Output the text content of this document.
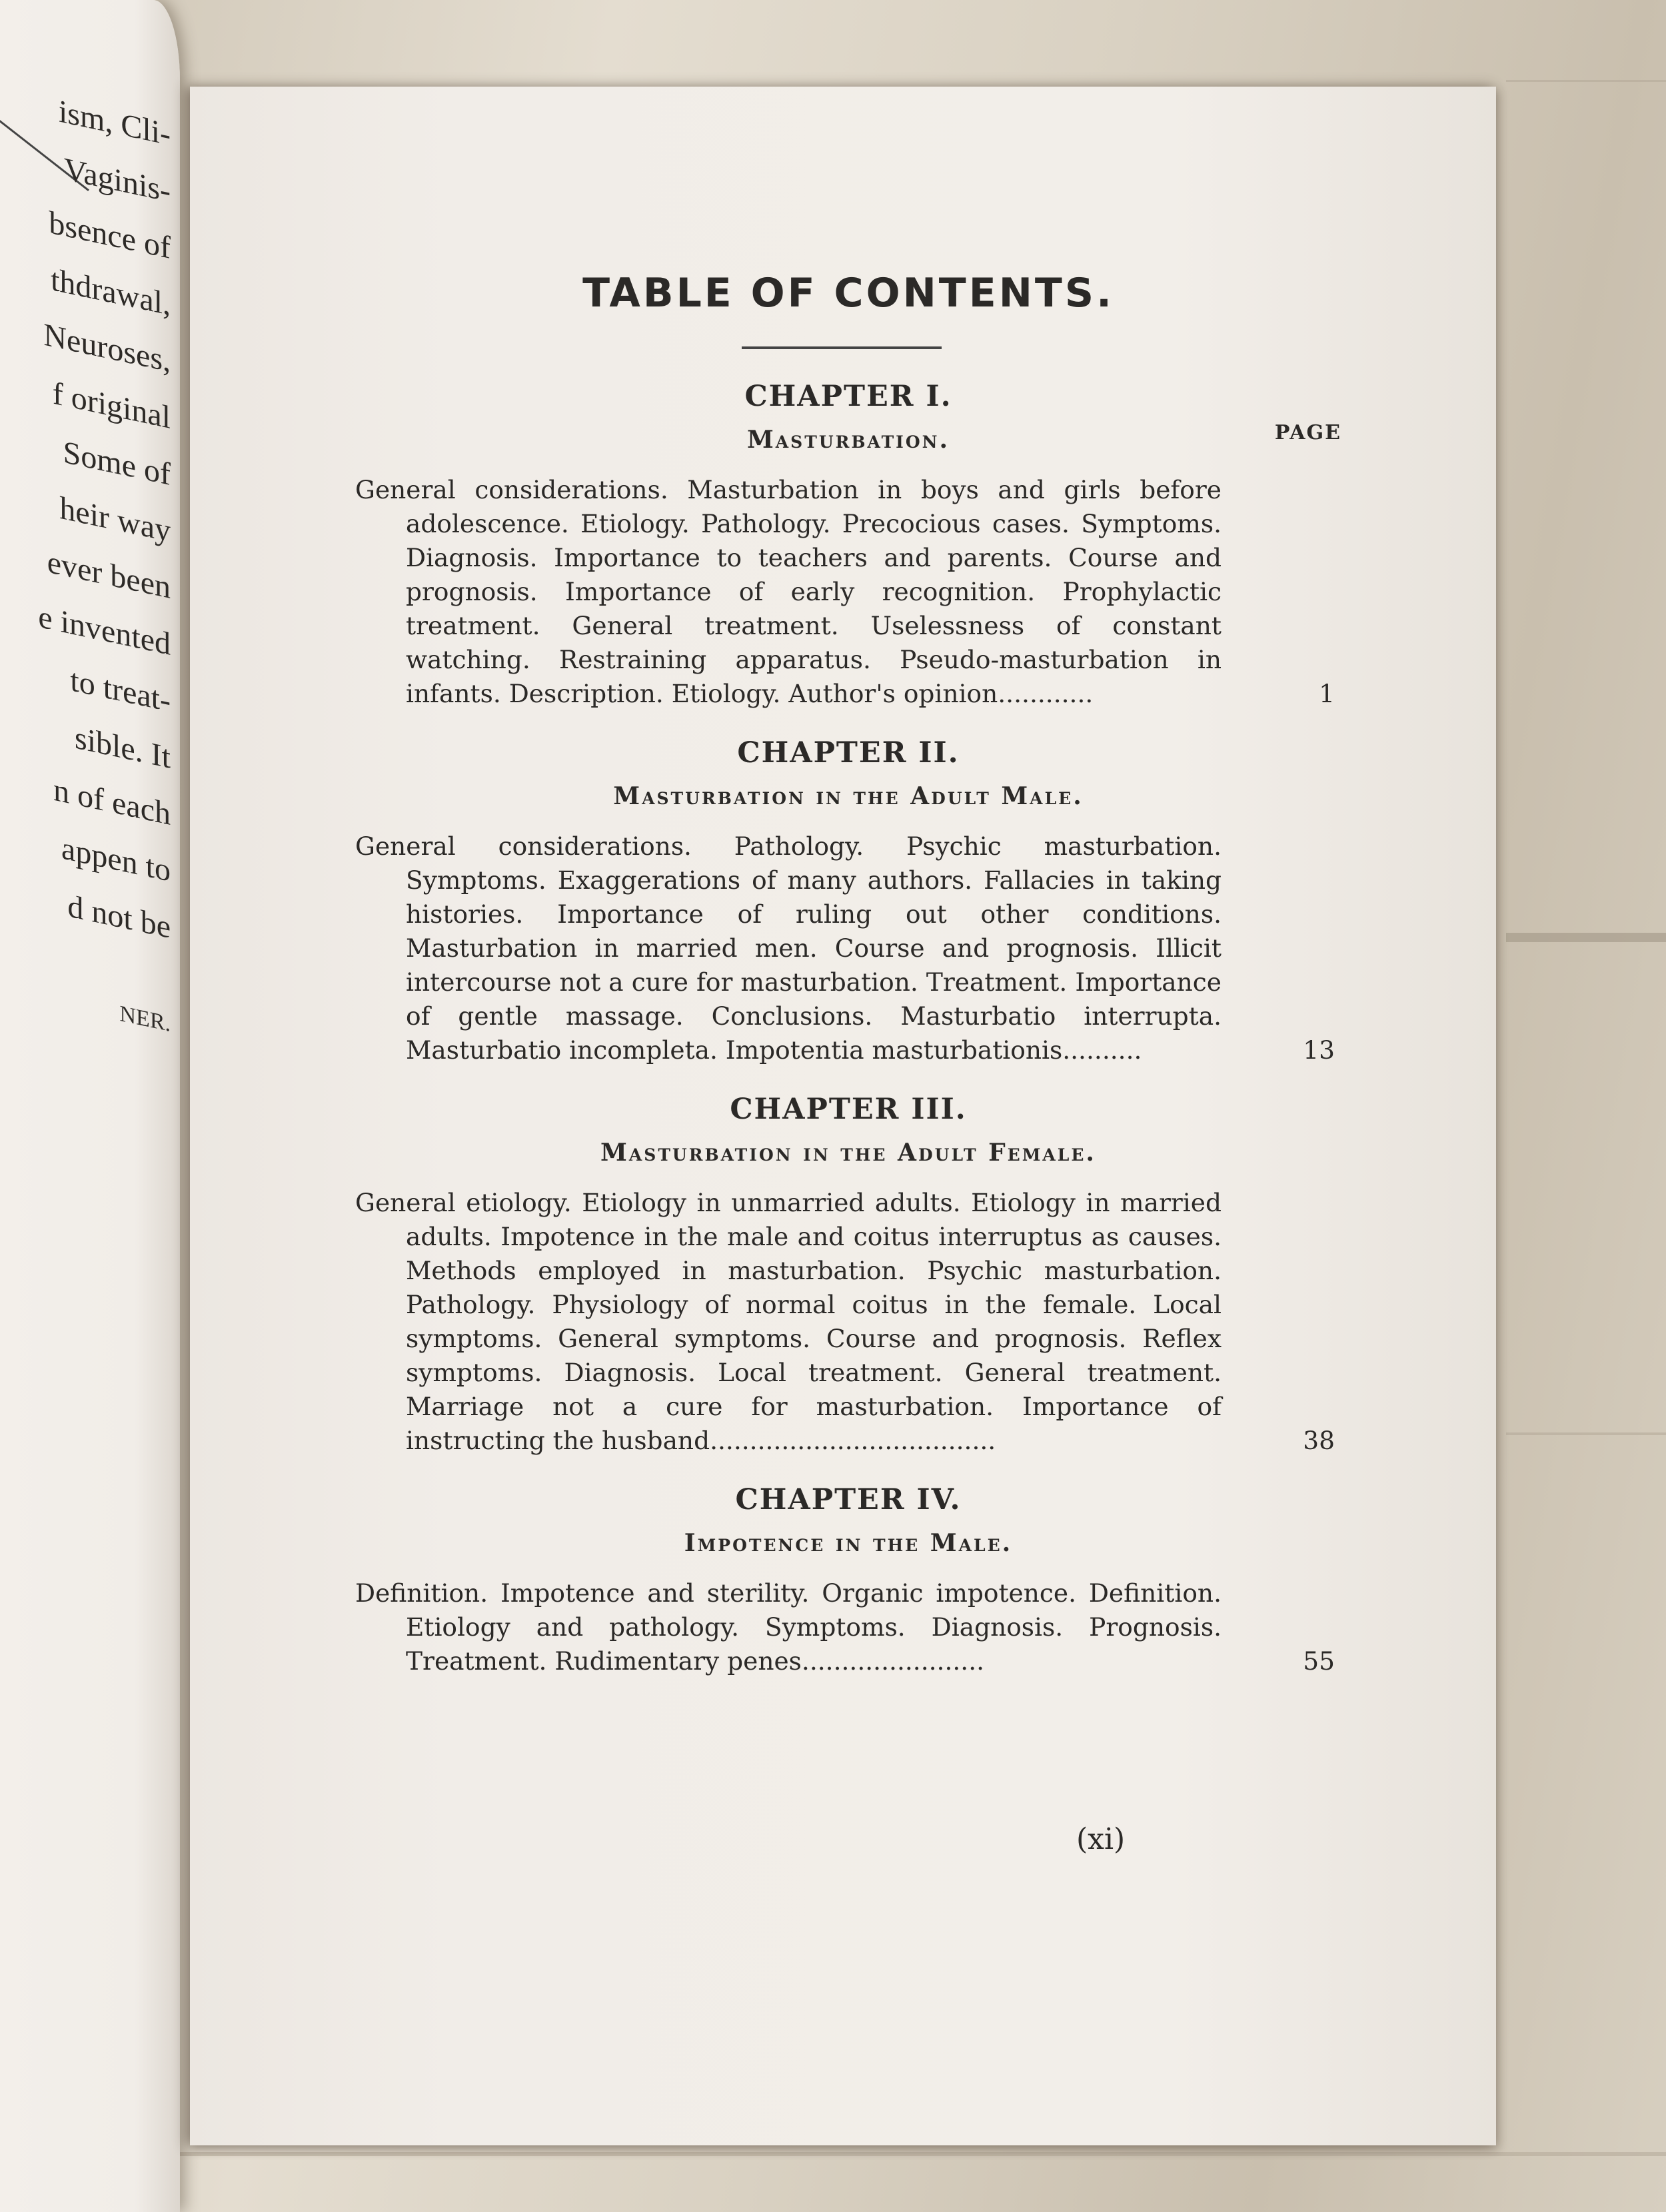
ism, Cli-
Vaginis-
bsence of
thdrawal,
Neuroses,
f original
Some of
heir way
ever been
e invented
to treat-
sible. It
n of each
appen to
d not be
NER.
TABLE OF CONTENTS.
CHAPTER I.
PAGE
Masturbation.
General considerations. Masturbation in boys and girls before adolescence. Etiology. Pathology. Precocious cases. Symptoms. Diagnosis. Importance to teachers and parents. Course and prognosis. Importance of early recognition. Prophylactic treatment. General treatment. Uselessness of constant watching. Restraining apparatus. Pseudo-masturbation in infants. Description. Etiology. Author's opinion............	1
CHAPTER II.
Masturbation in the Adult Male.
General considerations. Pathology. Psychic masturbation. Symptoms. Exaggerations of many authors. Fallacies in taking histories. Importance of ruling out other conditions. Masturbation in married men. Course and prognosis. Illicit intercourse not a cure for masturbation. Treatment. Importance of gentle massage. Conclusions. Masturbatio interrupta. Masturbatio incompleta. Impotentia masturbationis..........	13
CHAPTER III.
Masturbation in the Adult Female.
General etiology. Etiology in unmarried adults. Etiology in married adults. Impotence in the male and coitus interruptus as causes. Methods employed in masturbation. Psychic masturbation. Pathology. Physiology of normal coitus in the female. Local symptoms. General symptoms. Course and prognosis. Reflex symptoms. Diagnosis. Local treatment. General treatment. Marriage not a cure for masturbation. Importance of instructing the husband....................................	38
CHAPTER IV.
Impotence in the Male.
Definition. Impotence and sterility. Organic impotence. Definition. Etiology and pathology. Symptoms. Diagnosis. Prognosis. Treatment. Rudimentary penes.......................	55
(xi)
